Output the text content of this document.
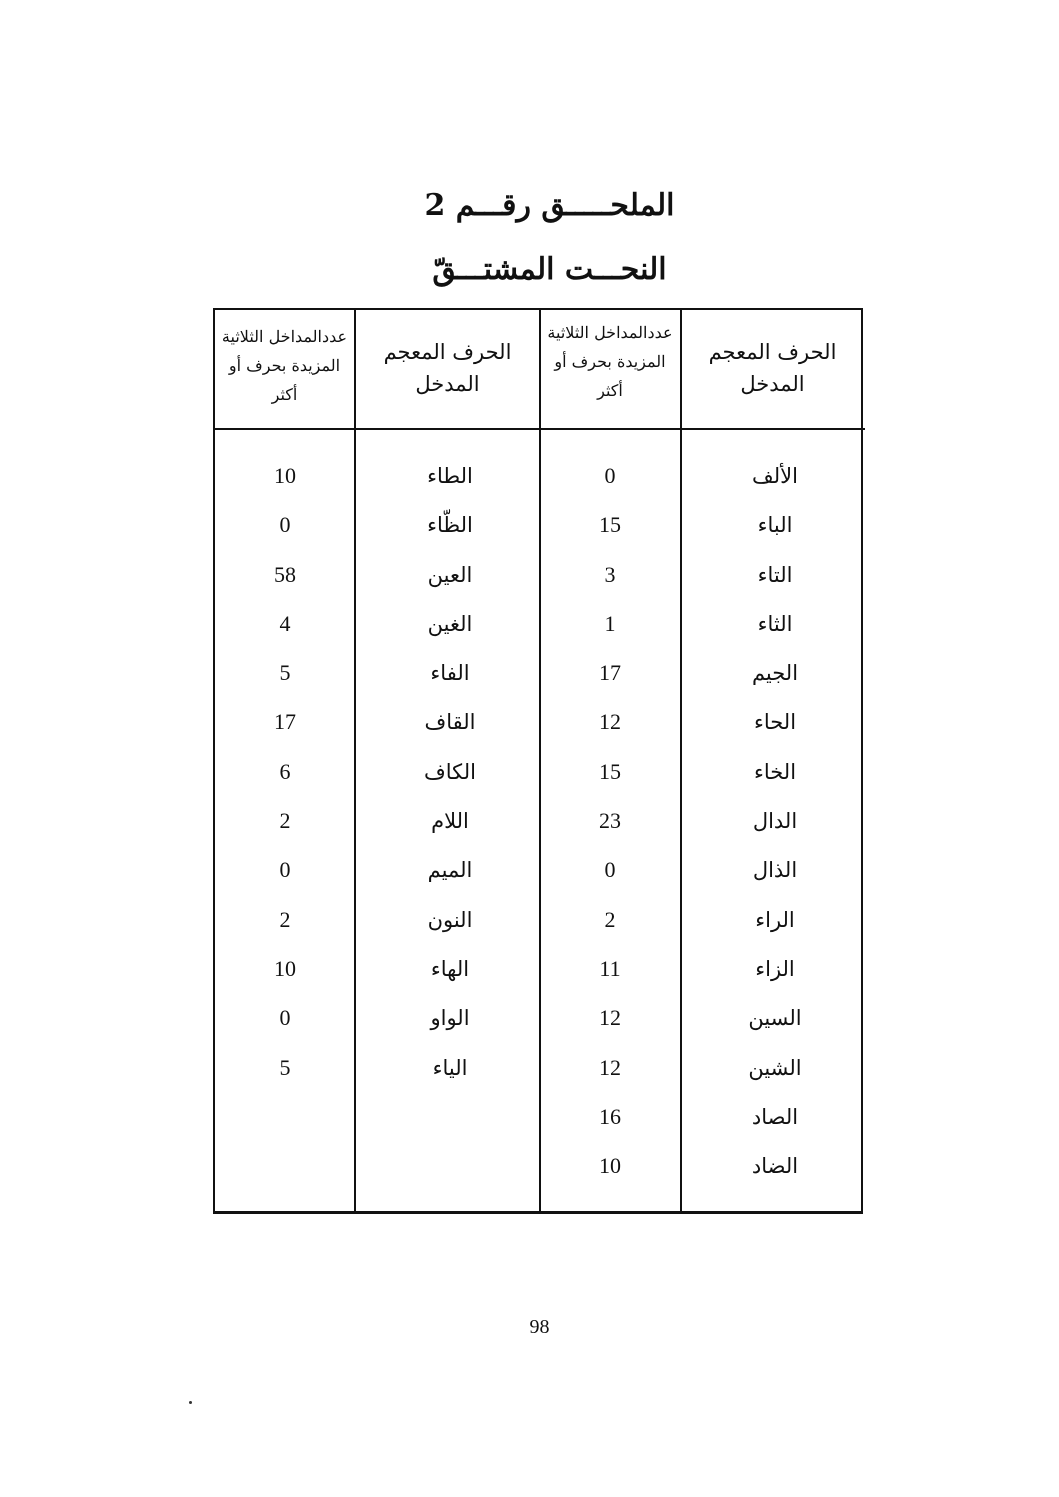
الملحـــــق رقـــم 2
النحـــت المشتـــقّ
عددالمداخل الثلاثية المزيدة بحرف أو أكثر
الحرف المعجم المدخل
عددالمداخل الثلاثية المزيدة بحرف أو أكثر
الحرف المعجم المدخل
10
0
58
4
5
17
6
2
0
2
10
0
5
الطاء
الظّاء
العين
الغين
الفاء
القاف
الكاف
اللام
الميم
النون
الهاء
الواو
الياء
0
15
3
1
17
12
15
23
0
2
11
12
12
16
10
الألف
الباء
التاء
الثاء
الجيم
الحاء
الخاء
الدال
الذال
الراء
الزاء
السين
الشين
الصاد
الضاد
98
